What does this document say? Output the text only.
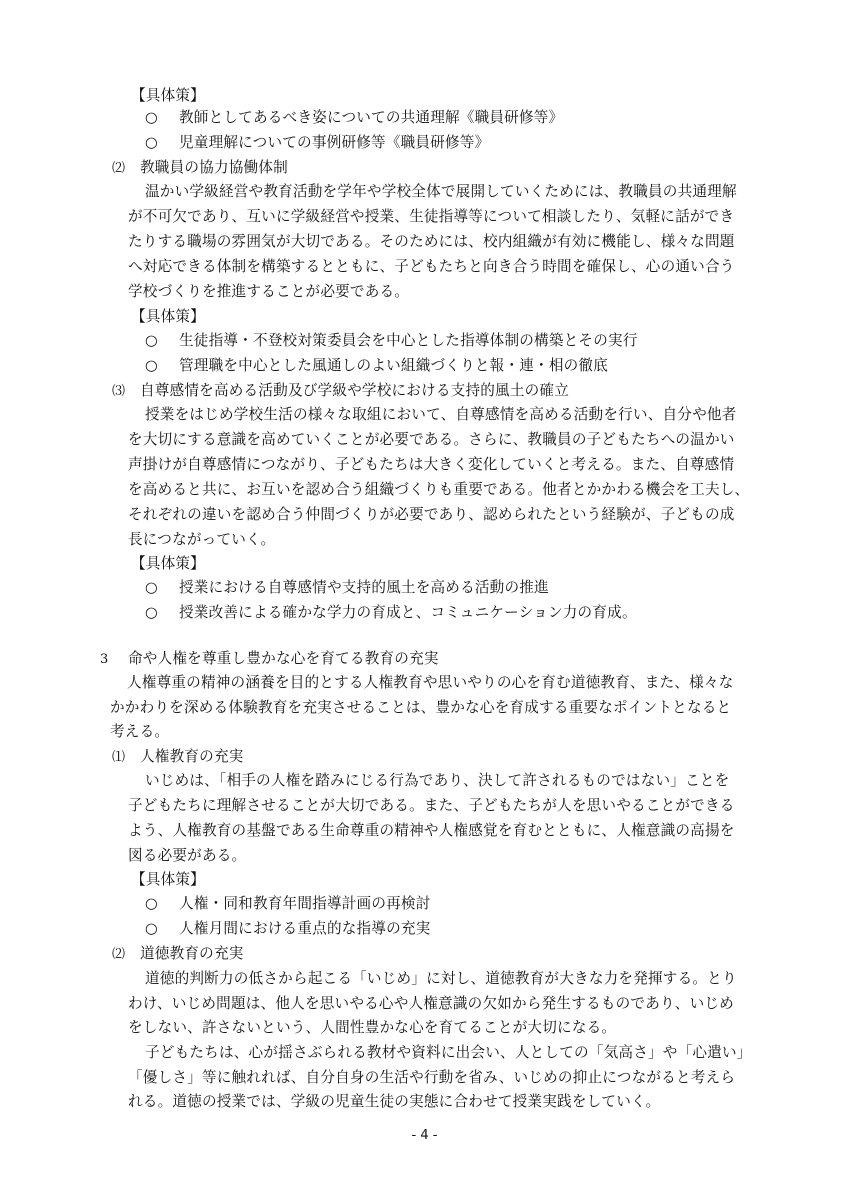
【具体策】
○ 教師としてあるべき姿についての共通理解《職員研修等》
○ 児童理解についての事例研修等《職員研修等》
⑵ 教職員の協力協働体制
温かい学級経営や教育活動を学年や学校全体で展開していくためには、教職員の共通理解
が不可欠であり、互いに学級経営や授業、生徒指導等について相談したり、気軽に話ができ
たりする職場の雰囲気が大切である。そのためには、校内組織が有効に機能し、様々な問題
へ対応できる体制を構築するとともに、子どもたちと向き合う時間を確保し、心の通い合う
学校づくりを推進することが必要である。
【具体策】
○ 生徒指導・不登校対策委員会を中心とした指導体制の構築とその実行
○ 管理職を中心とした風通しのよい組織づくりと報・連・相の徹底
⑶ 自尊感情を高める活動及び学級や学校における支持的風土の確立
授業をはじめ学校生活の様々な取組において、自尊感情を高める活動を行い、自分や他者
を大切にする意識を高めていくことが必要である。さらに、教職員の子どもたちへの温かい
声掛けが自尊感情につながり、子どもたちは大きく変化していくと考える。また、自尊感情
を高めると共に、お互いを認め合う組織づくりも重要である。他者とかかわる機会を工夫し、
それぞれの違いを認め合う仲間づくりが必要であり、認められたという経験が、子どもの成
長につながっていく。
【具体策】
○ 授業における自尊感情や支持的風土を高める活動の推進
○ 授業改善による確かな学力の育成と、コミュニケーション力の育成。
3 命や人権を尊重し豊かな心を育てる教育の充実
人権尊重の精神の涵養を目的とする人権教育や思いやりの心を育む道徳教育、また、様々な
かかわりを深める体験教育を充実させることは、豊かな心を育成する重要なポイントとなると
考える。
⑴ 人権教育の充実
いじめは、「相手の人権を踏みにじる行為であり、決して許されるものではない」ことを
子どもたちに理解させることが大切である。また、子どもたちが人を思いやることができる
よう、人権教育の基盤である生命尊重の精神や人権感覚を育むとともに、人権意識の高揚を
図る必要がある。
【具体策】
○ 人権・同和教育年間指導計画の再検討
○ 人権月間における重点的な指導の充実
⑵ 道徳教育の充実
道徳的判断力の低さから起こる「いじめ」に対し、道徳教育が大きな力を発揮する。とり
わけ、いじめ問題は、他人を思いやる心や人権意識の欠如から発生するものであり、いじめ
をしない、許さないという、人間性豊かな心を育てることが大切になる。
子どもたちは、心が揺さぶられる教材や資料に出会い、人としての「気高さ」や「心遣い」
「優しさ」等に触れれば、自分自身の生活や行動を省み、いじめの抑止につながると考えら
れる。道徳の授業では、学級の児童生徒の実態に合わせて授業実践をしていく。
- 4 -
